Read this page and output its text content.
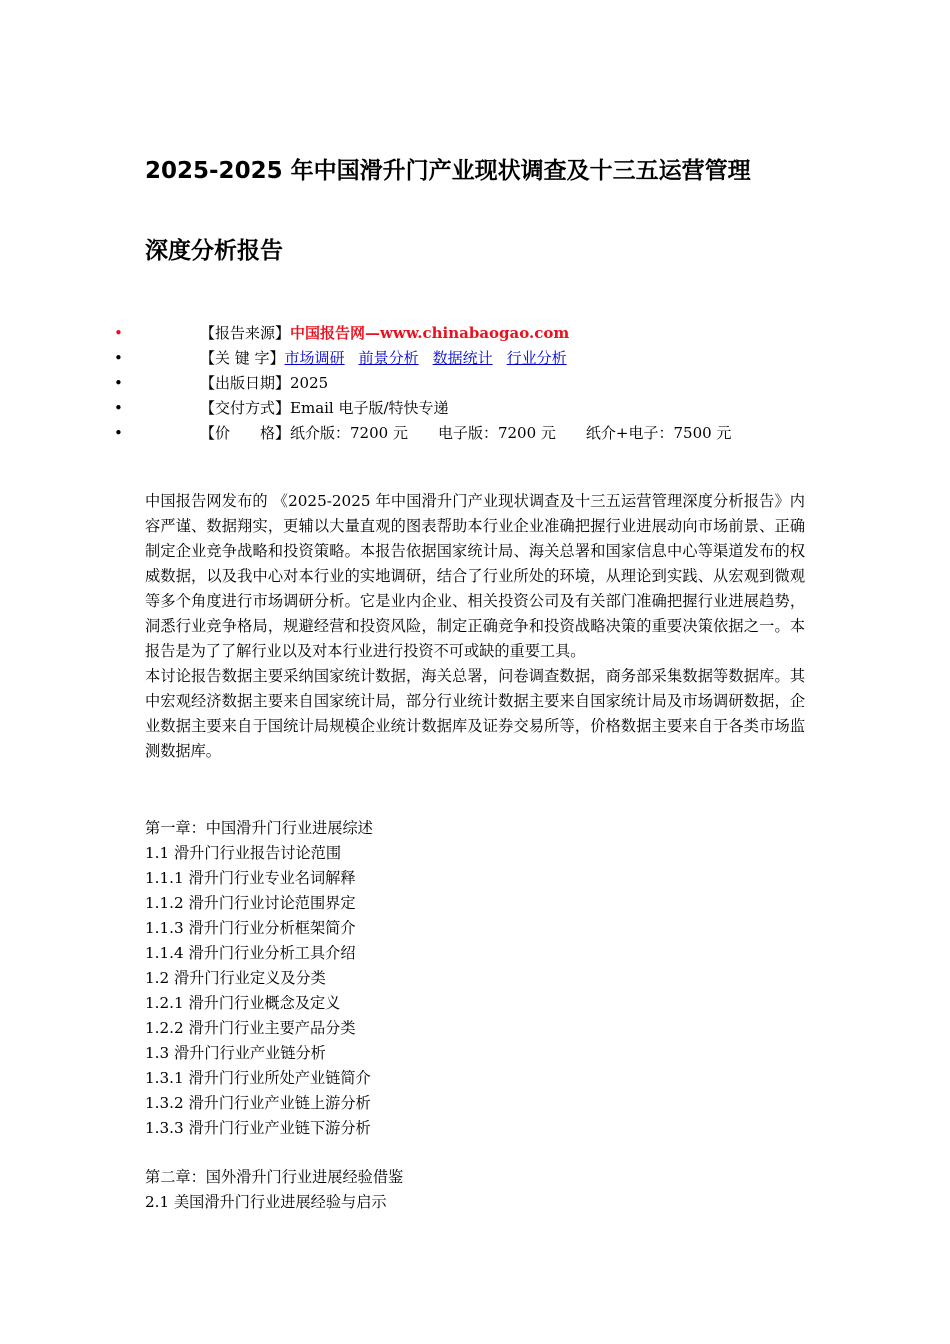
2025-2025 年中国滑升门产业现状调查及十三五运营管理
深度分析报告
•	【报告来源】中国报告网—www.chinabaogao.com
•	【关 键 字】市场调研 前景分析 数据统计 行业分析
•	【出版日期】2025
•	【交付方式】Email 电子版/特快专递
•	【价　　格】纸介版：7200 元 电子版：7200 元 纸介+电子：7500 元

中国报告网发布的 《2025-2025 年中国滑升门产业现状调查及十三五运营管理深度分析报告》内容严谨、数据翔实，更辅以大量直观的图表帮助本行业企业准确把握行业进展动向市场前景、正确制定企业竞争战略和投资策略。本报告依据国家统计局、海关总署和国家信息中心等渠道发布的权威数据，以及我中心对本行业的实地调研，结合了行业所处的环境，从理论到实践、从宏观到微观等多个角度进行市场调研分析。它是业内企业、相关投资公司及有关部门准确把握行业进展趋势，洞悉行业竞争格局，规避经营和投资风险，制定正确竞争和投资战略决策的重要决策依据之一。本报告是为了了解行业以及对本行业进行投资不可或缺的重要工具。

本讨论报告数据主要采纳国家统计数据，海关总署，问卷调查数据，商务部采集数据等数据库。其中宏观经济数据主要来自国家统计局，部分行业统计数据主要来自国家统计局及市场调研数据，企业数据主要来自于国统计局规模企业统计数据库及证券交易所等，价格数据主要来自于各类市场监测数据库。

第一章：中国滑升门行业进展综述
1.1 滑升门行业报告讨论范围
1.1.1 滑升门行业专业名词解释
1.1.2 滑升门行业讨论范围界定
1.1.3 滑升门行业分析框架简介
1.1.4 滑升门行业分析工具介绍
1.2 滑升门行业定义及分类
1.2.1 滑升门行业概念及定义
1.2.2 滑升门行业主要产品分类
1.3 滑升门行业产业链分析
1.3.1 滑升门行业所处产业链简介
1.3.2 滑升门行业产业链上游分析
1.3.3 滑升门行业产业链下游分析
第二章：国外滑升门行业进展经验借鉴
2.1 美国滑升门行业进展经验与启示
